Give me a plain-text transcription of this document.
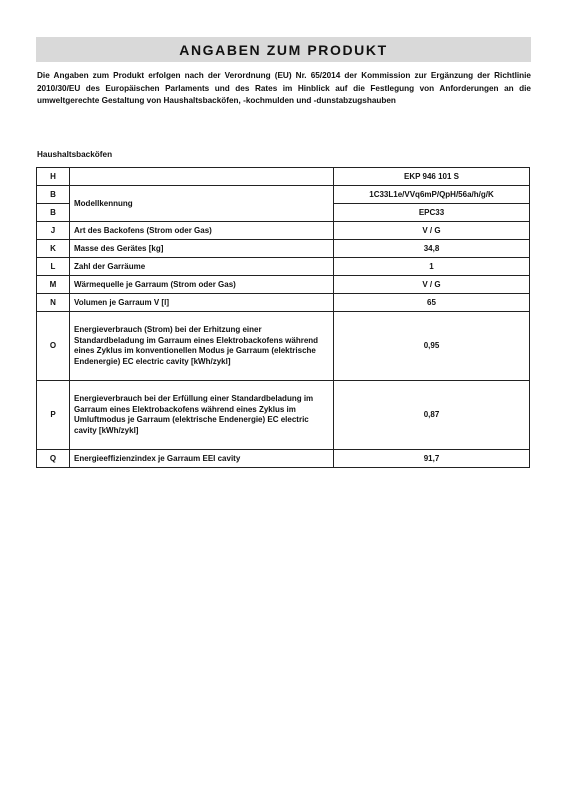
ANGABEN ZUM PRODUKT
Die Angaben zum Produkt erfolgen nach der Verordnung (EU) Nr. 65/2014 der Kommission zur Ergänzung der Richtlinie 2010/30/EU des Europäischen Parlaments und des Rates im Hinblick auf die Festlegung von Anforderungen an die umweltgerechte Gestaltung von Haushaltsbacköfen, -kochmulden und -dunstabzugshauben
Haushaltsbacköfen
H		EKP 946 101 S
B	Modellkennung	1C33L1e/VVq6mP/QpH/56a/h/g/K
B		EPC33
J	Art des Backofens (Strom oder Gas)	V / G
K	Masse des Gerätes [kg]	34,8
L	Zahl der Garräume	1
M	Wärmequelle je Garraum (Strom oder Gas)	V / G
N	Volumen je Garraum V [l]	65
O	Energieverbrauch (Strom) bei der Erhitzung einer Standardbeladung im Garraum eines Elektrobackofens während eines Zyklus im konventionellen Modus je Garraum (elektrische Endenergie) EC electric cavity [kWh/zykl]	0,95
P	Energieverbrauch bei der Erfüllung einer Standardbeladung im Garraum eines Elektrobackofens während eines Zyklus im Umluftmodus je Garraum (elektrische Endenergie) EC electric cavity [kWh/zykl]	0,87
Q	Energieeffizienzindex je Garraum EEI cavity	91,7
